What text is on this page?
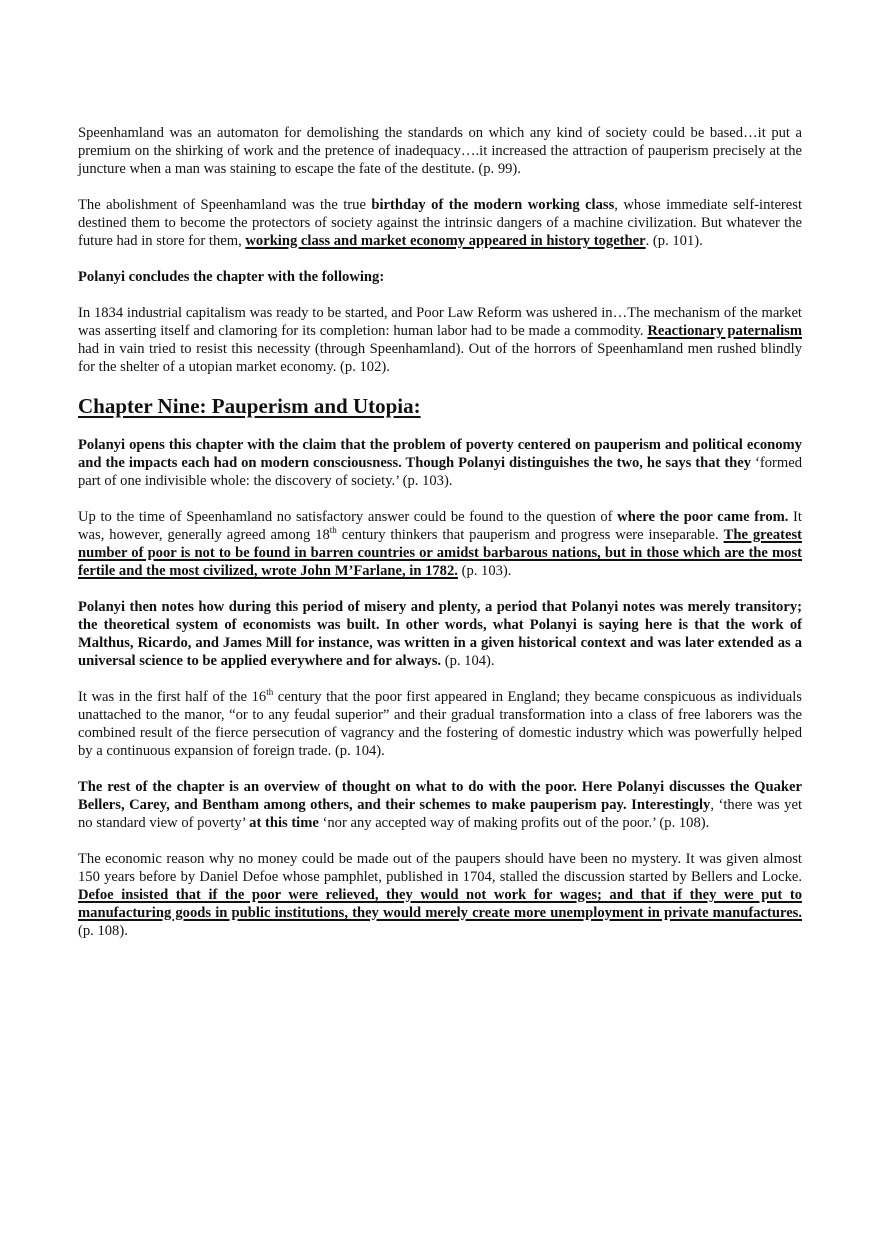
Speenhamland was an automaton for demolishing the standards on which any kind of society could be based…it put a premium on the shirking of work and the pretence of inadequacy….it increased the attraction of pauperism precisely at the juncture when a man was staining to escape the fate of the destitute. (p. 99).

The abolishment of Speenhamland was the true birthday of the modern working class, whose immediate self-interest destined them to become the protectors of society against the intrinsic dangers of a machine civilization. But whatever the future had in store for them, working class and market economy appeared in history together. (p. 101).

Polanyi concludes the chapter with the following:

In 1834 industrial capitalism was ready to be started, and Poor Law Reform was ushered in…The mechanism of the market was asserting itself and clamoring for its completion: human labor had to be made a commodity. Reactionary paternalism had in vain tried to resist this necessity (through Speenhamland). Out of the horrors of Speenhamland men rushed blindly for the shelter of a utopian market economy. (p. 102).

Chapter Nine: Pauperism and Utopia:

Polanyi opens this chapter with the claim that the problem of poverty centered on pauperism and political economy and the impacts each had on modern consciousness. Though Polanyi distinguishes the two, he says that they ‘formed part of one indivisible whole: the discovery of society.’ (p. 103).

Up to the time of Speenhamland no satisfactory answer could be found to the question of where the poor came from. It was, however, generally agreed among 18th century thinkers that pauperism and progress were inseparable. The greatest number of poor is not to be found in barren countries or amidst barbarous nations, but in those which are the most fertile and the most civilized, wrote John M’Farlane, in 1782. (p. 103).

Polanyi then notes how during this period of misery and plenty, a period that Polanyi notes was merely transitory; the theoretical system of economists was built. In other words, what Polanyi is saying here is that the work of Malthus, Ricardo, and James Mill for instance, was written in a given historical context and was later extended as a universal science to be applied everywhere and for always. (p. 104).

It was in the first half of the 16th century that the poor first appeared in England; they became conspicuous as individuals unattached to the manor, “or to any feudal superior” and their gradual transformation into a class of free laborers was the combined result of the fierce persecution of vagrancy and the fostering of domestic industry which was powerfully helped by a continuous expansion of foreign trade. (p. 104).

The rest of the chapter is an overview of thought on what to do with the poor. Here Polanyi discusses the Quaker Bellers, Carey, and Bentham among others, and their schemes to make pauperism pay. Interestingly, ‘there was yet no standard view of poverty’ at this time ‘nor any accepted way of making profits out of the poor.’ (p. 108).

The economic reason why no money could be made out of the paupers should have been no mystery. It was given almost 150 years before by Daniel Defoe whose pamphlet, published in 1704, stalled the discussion started by Bellers and Locke. Defoe insisted that if the poor were relieved, they would not work for wages; and that if they were put to manufacturing goods in public institutions, they would merely create more unemployment in private manufactures. (p. 108).
